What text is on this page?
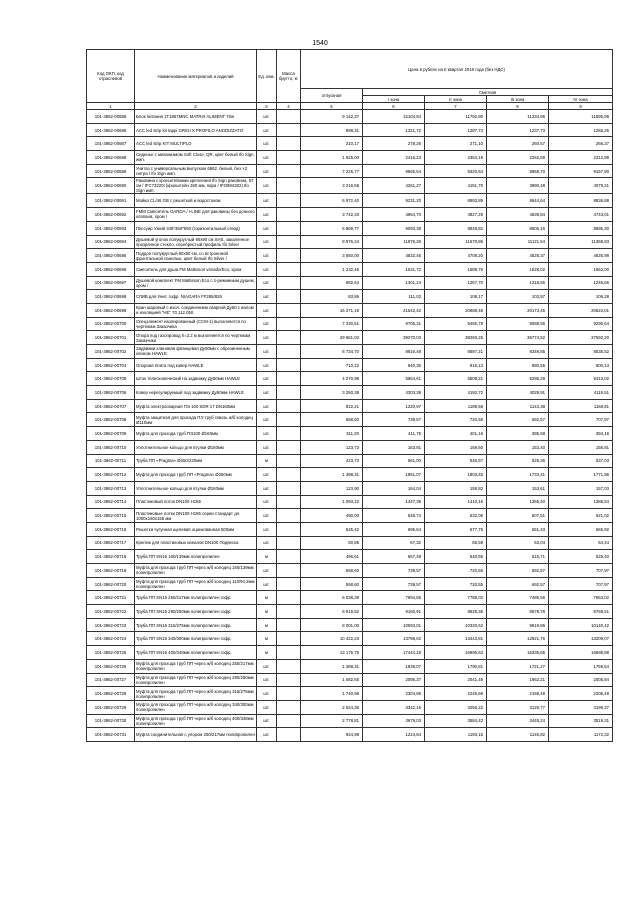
1540
Код ОКП, код отраслевой	Наименование материалов и изделий	Ед. изм.	Масса брутто, кг	Цена в рублях на II квартал 2016 года (без НДС)				
				отпускная	Сметная			
					I зона	II зона	III зона	IV зона
1	2	3	4	5	6	7	8	9
101-3862-00685	Блок питания 1T1857MNC MATRIX ALIMENT 70w	шт.		9 142,37	12104,54	11792,90	11334,96	11595,99
101-3862-00686	ACC led strip kit tappi GRIGI X PROFILO ANODIZZATO	шт.		898,31	1321,72	1287,73	1237,73	1265,25
101-3862-00687	ACC led strip KIT MULTIPLO	шт.		210,17	278,26	271,10	260,57	266,37
101-3862-00688	Сиденье с механизмом Soft Close, QR, цвет белый Ifo Sign имп.	шт.		1 825,00	2416,23	2354,19	2262,69	2312,99
101-3862-00689	Унитаз с универсальным выпуском 6862, белый, без ×2 литра / Ifo Sign имп.	шт.		7 225,77	9566,64	9320,64	8958,70	9157,90
101-3862-00690	Раковина с кронштейнами крепления Ifo Sign раковина, 57 см / IFC73220I (кронштейн 260 мм, пара / IFO894302) Ifo Sign имп.	шт.		3 216,58	4261,27	4151,70	3990,48	4079,21
101-3862-00691	Мойка CL/46 GB с решеткой и водостоком	шт.		6 972,40	9231,20	8993,89	8644,64	8836,88
101-3862-00692	FMM Смеситель GARDA / I-LINE для раковины без донного клапана, хром /	шт.		3 742,33	4954,70	4827,29	4639,84	4743,01
101-3862-00693	Писсуар Узкий 345*350*550 (горизонтальный отвод)	шт.		6 869,77	9093,38	8849,82	8506,16	8695,30
101-3862-00694	Душевой уголок полукруглый 90х90 см SHS, закаленное прозрачное стекло, серебристый профиль Ifo Silver	шт.		8 976,24	11876,26	11570,86	11121,54	11368,83
101-3862-00695	Поддон полукруглый 90х90 см, со встроенной фронтальной панелью, цвет белый Ifo Silver /	шт.		3 650,00	4832,46	4708,20	4525,37	4625,99
101-3862-00696	Смеситель для душа FM Mattisson venado/Eco, хром	шт.		1 232,45	1631,72	1589,76	1528,02	1562,00
101-3862-00697	Душевой комплект FM Mattisson Eco с 1-режимным душем, хром /	шт.		982,64	1301,24	1267,70	1218,55	1245,65
101-3862-00698	СЛИВ для Унит. гофр. NIAGARA FF265/826	шт.		83,86	111,02	108,17	103,97	106,28
101-3862-00699	Кран шаровый с изол. соединением сварной Ду50 с валом и изоляцией "НЕ" 70.112.050	шт.		16 271,19	21542,42	20988,48	20173,45	20622,01
101-3862-00700	Спецэлемент изолированный (ССМ-1) выполняется по чертежам Заказчика	шт.		7 330,51	9705,31	9455,78	9088,56	9290,64
101-3862-00701	Опора под газопровод h=2.2 м выполняется по чертежам Заказчика	шт.		29 661,02	39270,03	38260,25	36774,52	37592,20
101-3862-00702	Задвижки клиновая фланцевая Ду50мм с обрезиненным клином HAWLE	шт.		6 734,70	8916,48	8687,21	8349,85	8535,52
101-3862-00704	Опорная плита под ковер HAWLE	шт.		710,22	940,30	916,13	880,55	900,13
101-3862-00705	Шток телескопический на задвижку Ду50мм HAWLE	шт.		4 270,98	5654,61	5509,21	5295,28	5413,02
101-3862-00706	Ковер нерегулируемый под задвижку Ду50мм HAWLE	шт.		3 250,38	4303,38	4192,72	4029,91	4119,51
101-3862-00707	Муфта электросварная ПЭ 100 SDR 17 DN160мм	шт.		922,21	1220,97	1189,58	1143,38	1168,81
101-3862-00708	Муфта защитная для прохода ПЭ труб сквозь ж/б колодец Ø110мм	шт.		558,60	739,57	720,55	692,57	707,97
101-3862-00709	Муфта для прохода труб ПЭ100 Ø160мм	шт.		311,20	411,75	401,16	385,58	394,16
101-3862-00710	Уплотнительное кольцо для втулки Ø160мм	шт.		123,73	163,81	159,60	153,40	156,81
101-3862-00711	Труба ПП «Pragma» Ø250/220мм	м		423,73	561,00	546,57	525,35	537,03
101-3862-00712	Муфта для прохода труб ПП «Pragma» Ø250мм	шт.		1 398,31	1851,07	1803,45	1733,41	1771,96
101-3862-00713	Уплотнительное кольцо для втулки Ø160мм	шт.		123,90	164,04	159,82	153,61	157,03
101-3862-00714	Пластиковый лоток DN100 Н155	шт.		1 093,22	1447,38	1410,16	1355,40	1385,54
101-3862-00715	Пластиковые лотки DN100 Н155 серии стандарт дл. 1000х160х155 мм	шт.		490,00	648,74	632,06	607,51	621,02
101-3862-00716	Решетка чугунная щелевая оцинкованная 500мм	шт.		525,42	695,64	677,75	651,43	665,92
101-3862-00717	Крепеж для пластиковых каналов DN100 Подвеска	шт.		50,85	67,32	65,59	63,04	64,44
101-3862-00718	Труба ПП SN16 160/139мм полипропилен	м		496,61	657,49	640,58	615,71	629,40
101-3862-00719	Муфта для прохода труб ПП через ж/б колодец 160/139мм полипропилен	шт.		558,60	739,57	720,55	692,57	707,97
101-3862-00720	Муфта для прохода труб ПП через ж/б колодец 110/94,2мм полипропилен	шт.		558,60	739,57	720,55	692,57	707,97
101-3862-00721	Труба ПП SN16 250/217мм полипропилен гофр.	м		6 038,39	7994,56	7789,02	7486,56	7653,02
101-3862-00722	Труба ПП SN16 280/250мм полипропилен гофр.	м		6 919,52	9160,91	8925,35	8578,78	8769,51
101-3862-00723	Труба ПП SN16 315/275мм полипропилен гофр.	м		8 001,00	10593,01	10320,62	9919,86	10140,42
101-3862-00724	Труба ПП SN16 340/300мм полипропилен гофр.	м		10 422,23	13798,62	13443,81	12921,76	13209,07
101-3862-00725	Труба ПП SN16 400/348мм полипропилен гофр.	м		13 175,75	17444,18	16995,63	16335,65	16698,88
101-3862-00726	Муфта для прохода труб ПП через ж/б колодец 250/217мм полипропилен	шт.		1 388,31	1838,07	1790,81	1721,27	1759,54
101-3862-00727	Муфта для прохода труб ПП через ж/б колодец 280/250мм полипропилен	шт.		1 582,65	2095,37	2041,49	1962,21	2005,84
101-3862-00728	Муфта для прохода труб ПП через ж/б колодец 315/275мм полипропилен	шт.		1 740,96	2304,96	2245,69	2158,49	2206,49
101-3862-00729	Муфта для прохода труб ПП через ж/б колодец 340/300мм полипропилен	шт.		2 524,36	3342,16	3256,22	3129,77	3199,37
101-3862-00730	Муфта для прохода труб ПП через ж/б колодец 400/348мм полипропилен	шт.		2 778,81	3679,03	3584,43	3445,24	3519,31
101-3862-00731	Муфта соединительная с упором 250/217мм полипропилен	шт.		924,98	1224,64	1193,15	1146,82	1172,32
